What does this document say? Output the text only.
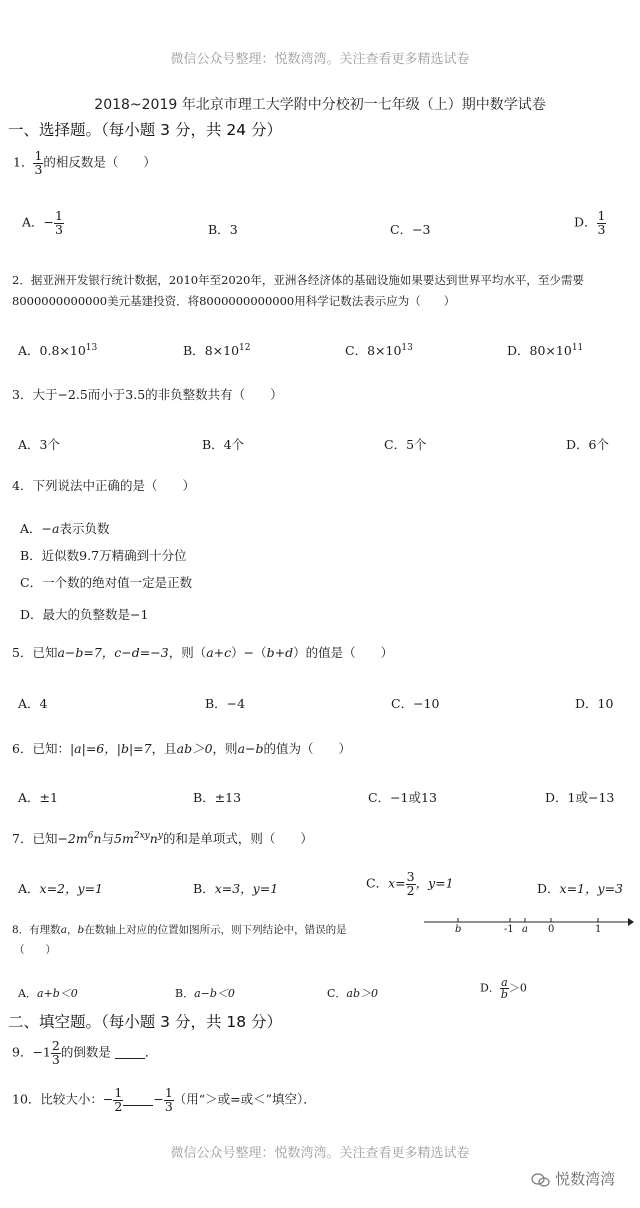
微信公众号整理：悦数湾湾。关注查看更多精选试卷
2018~2019 年北京市理工大学附中分校初一七年级（上）期中数学试卷
一、选择题。（每小题 3 分，共 24 分）
1． $\frac{1}{3}$ 的相反数是（　　）
A．− $\frac{1}{3}$	B．3	C．−3	D． $\frac{1}{3}$
2．据亚洲开发银行统计数据，2010年至2020年，亚洲各经济体的基础设施如果要达到世界平均水平，至少需要
8000000000000美元基建投资．将8000000000000用科学记数法表示应为（　　）
A．$0.8\times 10^{13}$	B．$8\times 10^{12}$	C．$8\times 10^{13}$	D．$80\times 10^{11}$
3．大于−2.5而小于3.5的非负整数共有（　　）
A．3个	B．4个	C．5个	D．6个
4．下列说法中正确的是（　　）
A．−a表示负数
B．近似数9.7万精确到十分位
C．一个数的绝对值一定是正数
D．最大的负整数是−1
5．已知a−b=7，c−d=−3，则（a+c）−（b+d）的值是（　　）
A．4	B．−4	C．−10	D．10
6．已知：|a|=6，|b|=7，且ab＞0，则a−b的值为（　　）
A．±1	B．±13	C．−1或13	D．1或−13
7．已知$-2m^6n$与$5m^{2xy}n^y$的和是单项式，则（　　）
A．x=2，y=1	B．x=3，y=1	C．$x= \frac{3}{2}$ ，y=1	D．x=1，y=3
8．有理数a，b在数轴上对应的位置如图所示，则下列结论中，错误的是
（　　）
b	-1 a 0	1
A．a+b＜0	B．a−b＜0	C．ab＞0	D． $\frac{a}{b} >0$
二、填空题。（每小题 3 分，共 18 分）
9．$-1 \frac{2}{3}$ 的倒数是	．
10．比较大小：− $\frac{1}{2} - \frac{1}{3}$ （用“＞或=或＜”填空）．
微信公众号整理：悦数湾湾。关注查看更多精选试卷
悦数湾湾
